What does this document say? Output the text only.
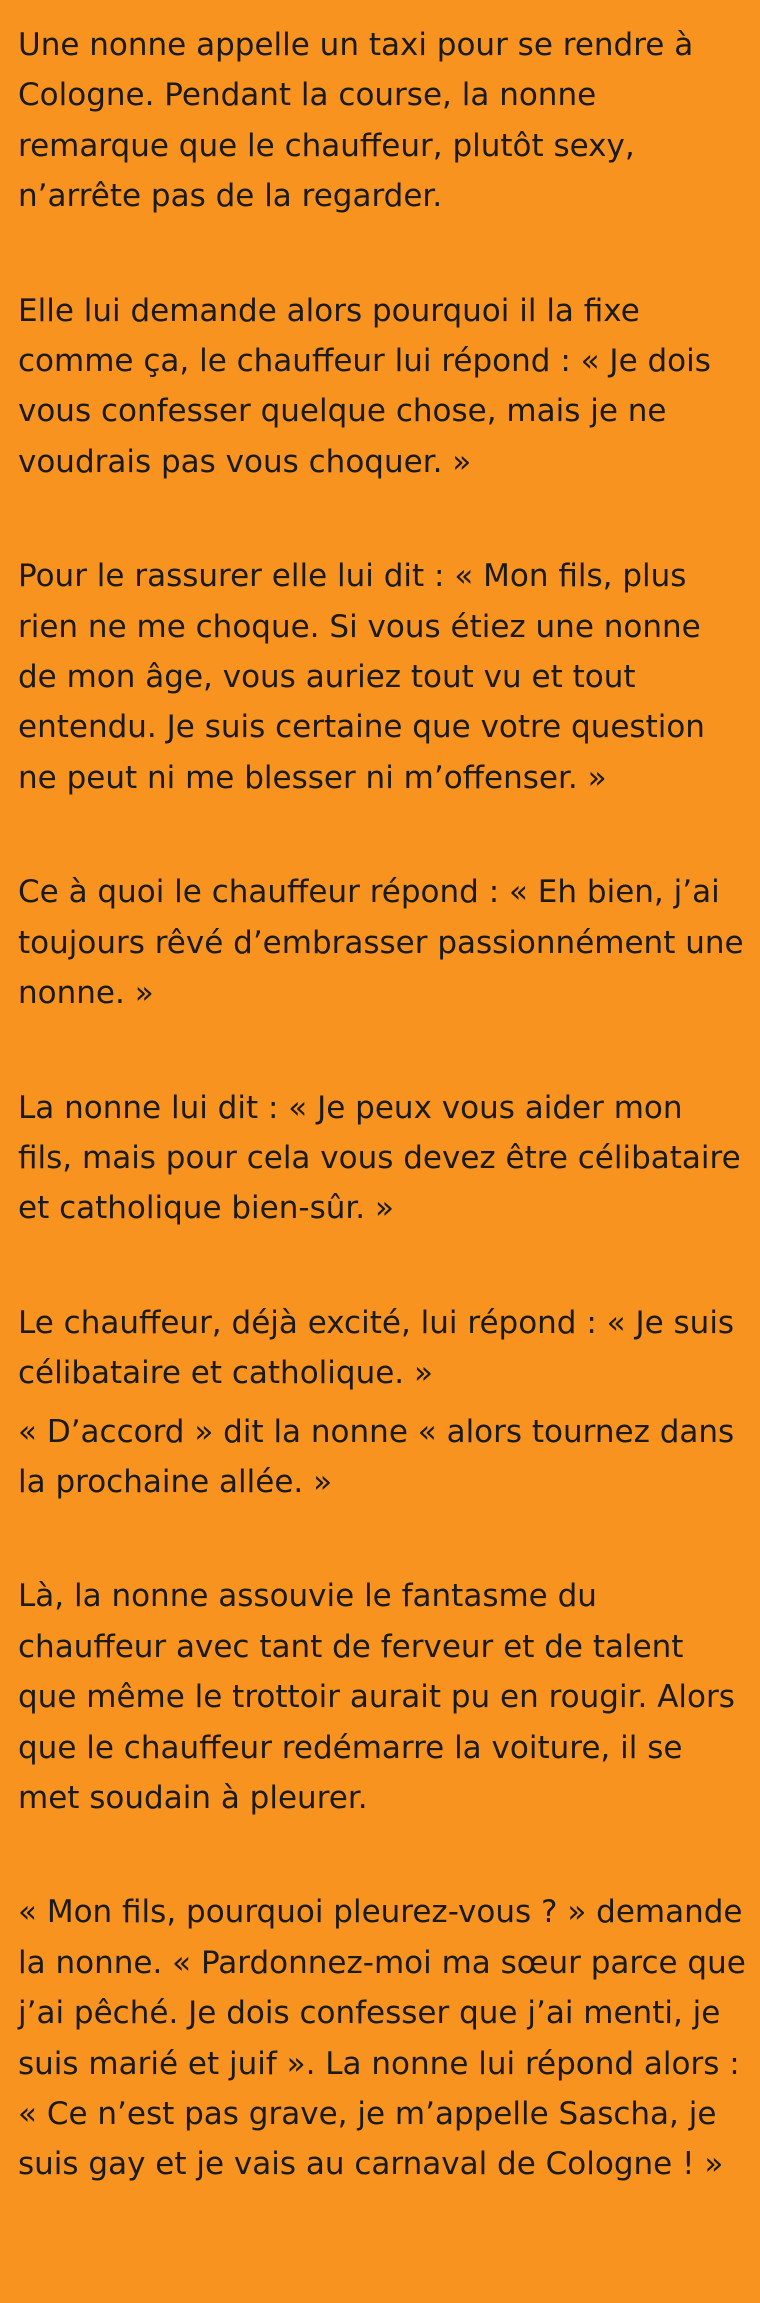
Une nonne appelle un taxi pour se rendre à Cologne. Pendant la course, la nonne remarque que le chauffeur, plutôt sexy, n’arrête pas de la regarder.

Elle lui demande alors pourquoi il la fixe comme ça, le chauffeur lui répond : « Je dois vous confesser quelque chose, mais je ne voudrais pas vous choquer. »

Pour le rassurer elle lui dit : « Mon fils, plus rien ne me choque. Si vous étiez une nonne de mon âge, vous auriez tout vu et tout entendu. Je suis certaine que votre question ne peut ni me blesser ni m’offenser. »

Ce à quoi le chauffeur répond : « Eh bien, j’ai toujours rêvé d’embrasser passionnément une nonne. »

La nonne lui dit : « Je peux vous aider mon fils, mais pour cela vous devez être célibataire et catholique bien-sûr. »

Le chauffeur, déjà excité, lui répond : « Je suis célibataire et catholique. »

« D’accord » dit la nonne « alors tournez dans la prochaine allée. »

Là, la nonne assouvie le fantasme du chauffeur avec tant de ferveur et de talent que même le trottoir aurait pu en rougir. Alors que le chauffeur redémarre la voiture, il se met soudain à pleurer.

« Mon fils, pourquoi pleurez-vous ? » demande la nonne. « Pardonnez-moi ma sœur parce que j’ai pêché. Je dois confesser que j’ai menti, je suis marié et juif ». La nonne lui répond alors : « Ce n’est pas grave, je m’appelle Sascha, je suis gay et je vais au carnaval de Cologne ! »
